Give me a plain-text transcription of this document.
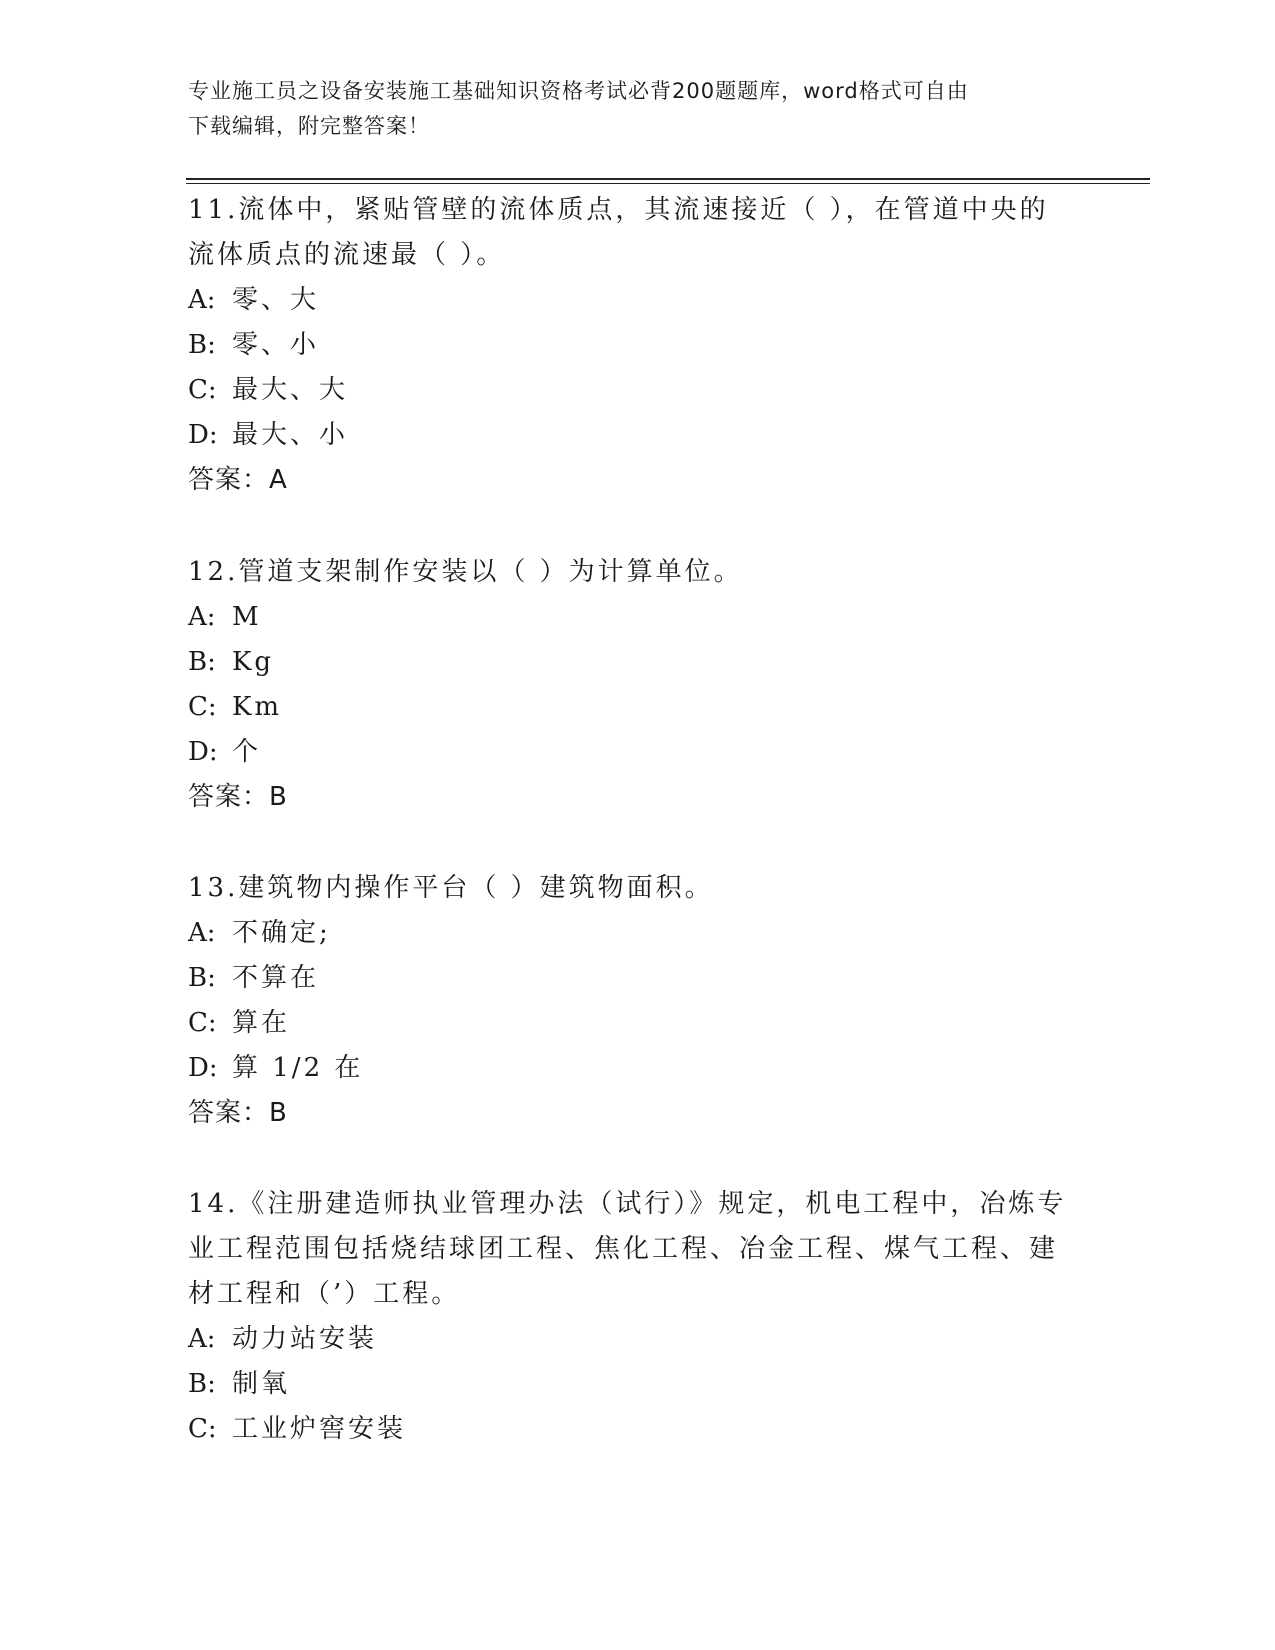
专业施工员之设备安装施工基础知识资格考试必背200题题库，word格式可自由
下载编辑，附完整答案！

11.流体中，紧贴管壁的流体质点，其流速接近（ ），在管道中央的

流体质点的流速最（ ）。

A: 零、大

B: 零、小

C: 最大、大

D: 最大、小

答案：A

12.管道支架制作安装以（ ）为计算单位。

A: M

B: Kg

C: Km

D: 个

答案：B

13.建筑物内操作平台（ ）建筑物面积。

A: 不确定;

B: 不算在

C: 算在

D: 算 1/2 在

答案：B

14.《注册建造师执业管理办法（试行）》规定，机电工程中，冶炼专

业工程范围包括烧结球团工程、焦化工程、冶金工程、煤气工程、建

材工程和（’）工程。

A: 动力站安装

B: 制氧

C: 工业炉窖安装
